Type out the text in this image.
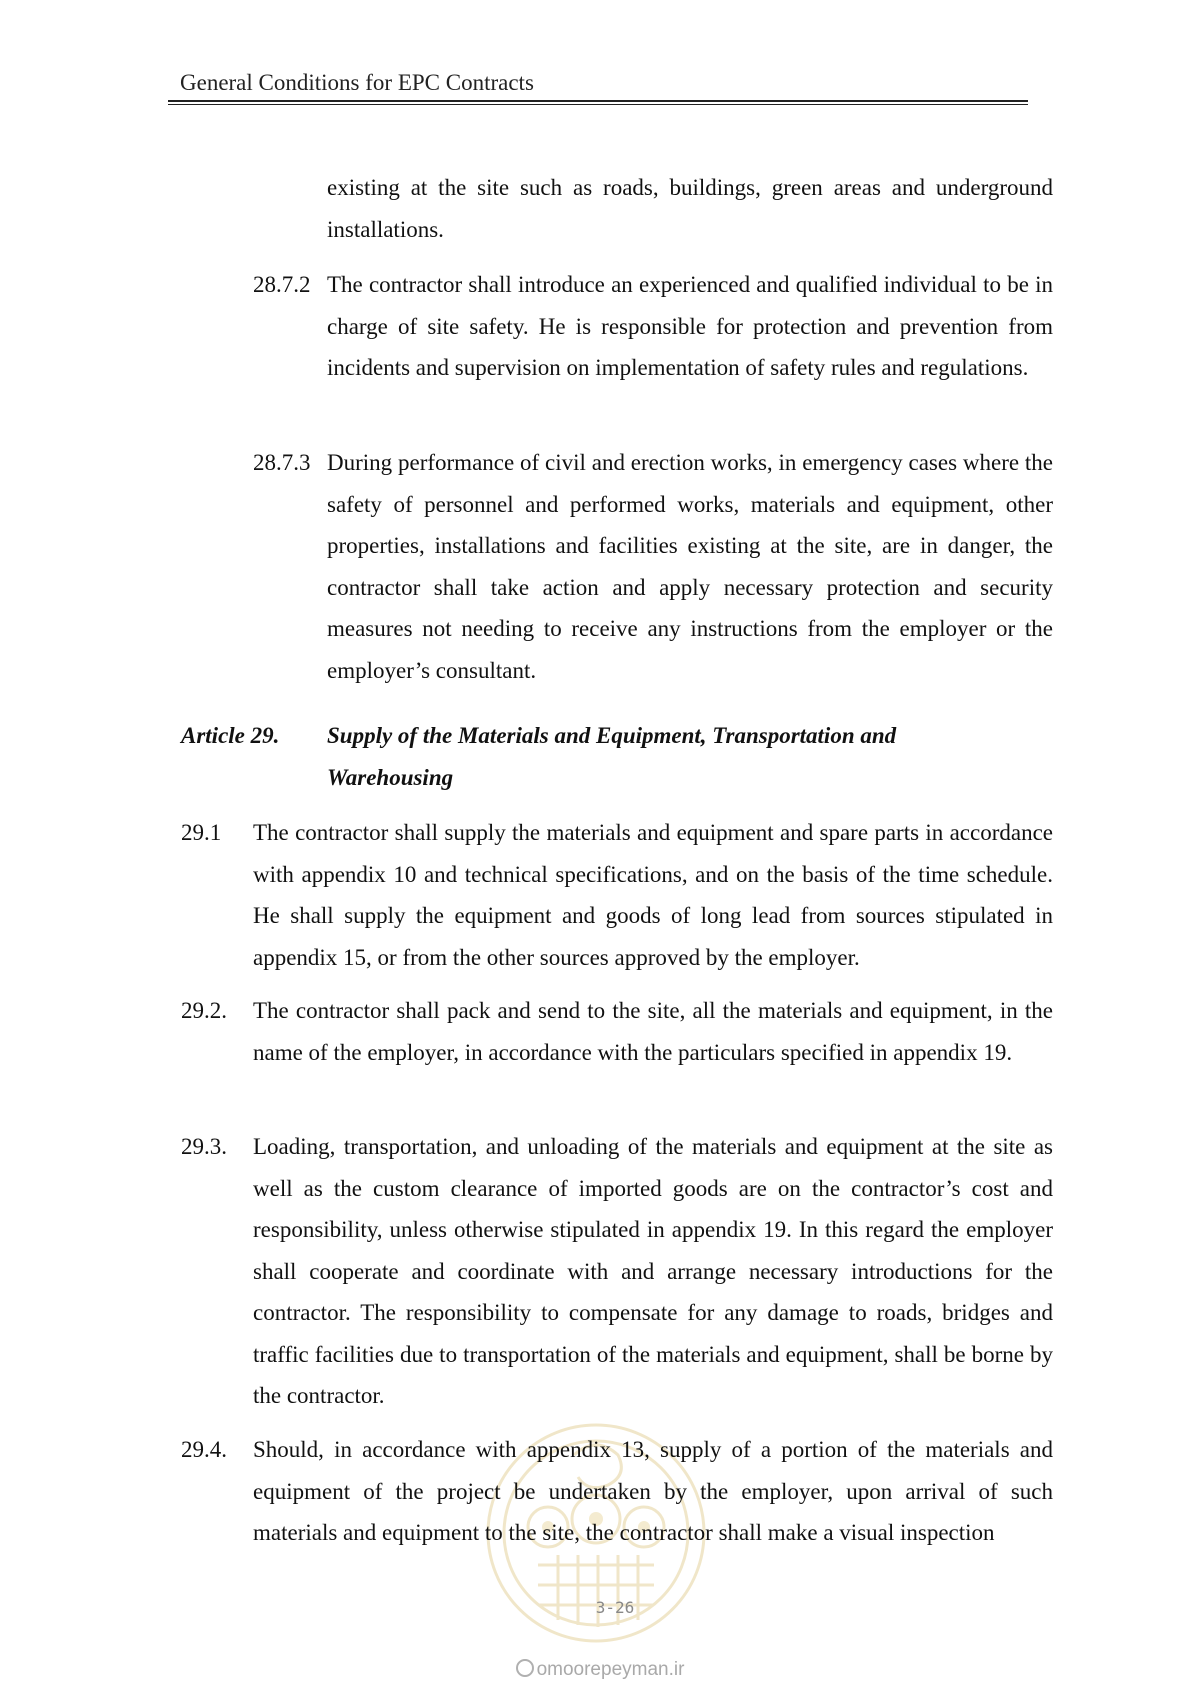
General Conditions for EPC Contracts
existing at the site such as roads, buildings, green areas and underground installations.
28.7.2 The contractor shall introduce an experienced and qualified individual to be in charge of site safety. He is responsible for protection and prevention from incidents and supervision on implementation of safety rules and regulations.
28.7.3 During performance of civil and erection works, in emergency cases where the safety of personnel and performed works, materials and equipment, other properties, installations and facilities existing at the site, are in danger, the contractor shall take action and apply necessary protection and security measures not needing to receive any instructions from the employer or the employer’s consultant.
Article 29. Supply of the Materials and Equipment, Transportation and Warehousing
29.1 The contractor shall supply the materials and equipment and spare parts in accordance with appendix 10 and technical specifications, and on the basis of the time schedule. He shall supply the equipment and goods of long lead from sources stipulated in appendix 15, or from the other sources approved by the employer.
29.2. The contractor shall pack and send to the site, all the materials and equipment, in the name of the employer, in accordance with the particulars specified in appendix 19.
29.3. Loading, transportation, and unloading of the materials and equipment at the site as well as the custom clearance of imported goods are on the contractor’s cost and responsibility, unless otherwise stipulated in appendix 19. In this regard the employer shall cooperate and coordinate with and arrange necessary introductions for the contractor. The responsibility to compensate for any damage to roads, bridges and traffic facilities due to transportation of the materials and equipment, shall be borne by the contractor.
29.4. Should, in accordance with appendix 13, supply of a portion of the materials and equipment of the project be undertaken by the employer, upon arrival of such materials and equipment to the site, the contractor shall make a visual inspection
3-26
omoorepeyman.ir
